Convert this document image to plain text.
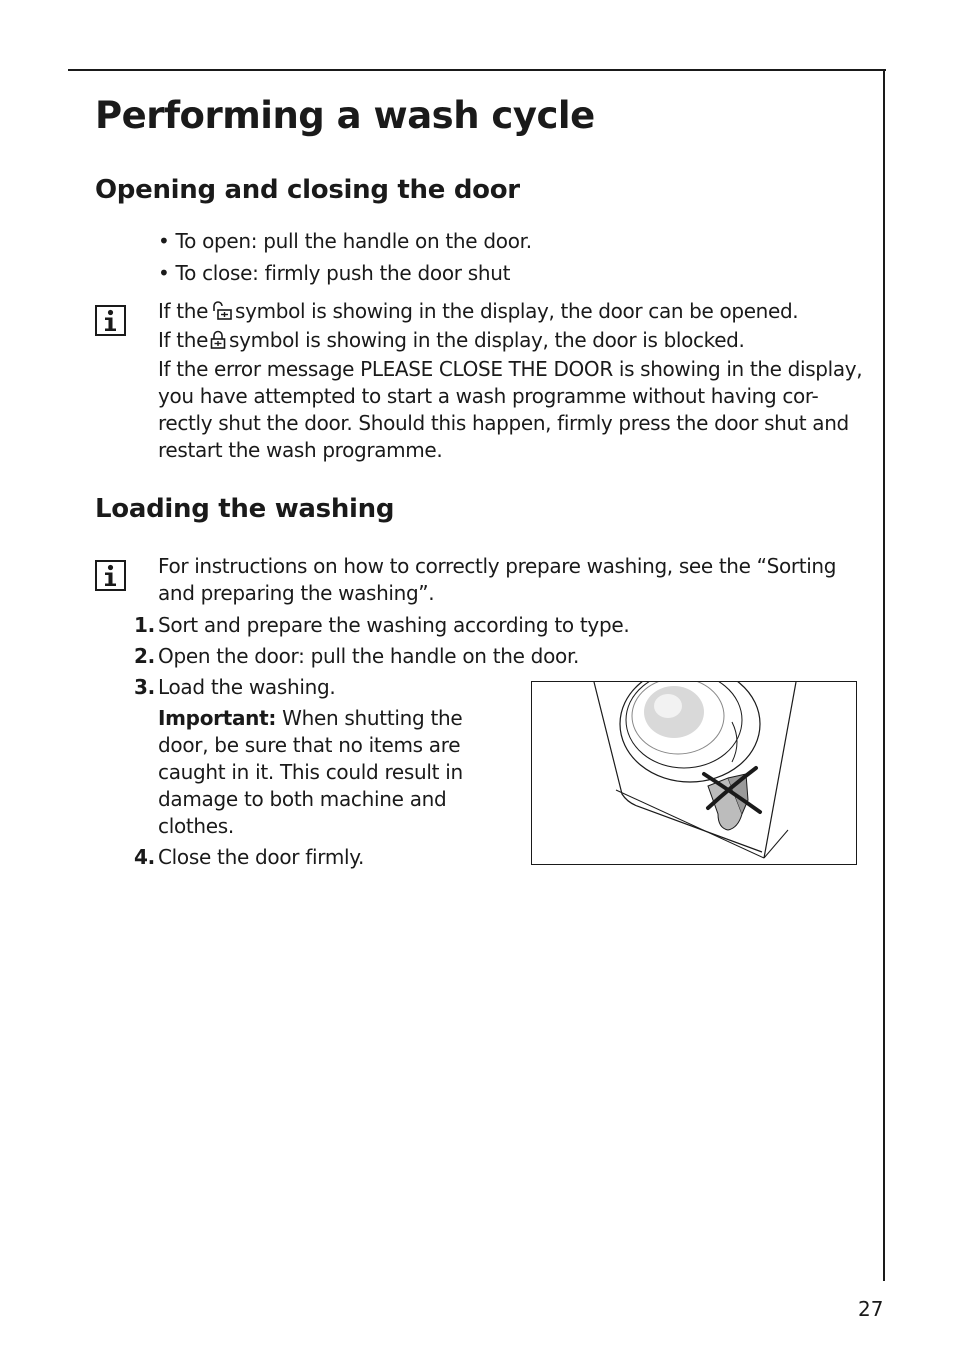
Performing a wash cycle
Opening and closing the door
• To open: pull the handle on the door.
• To close: firmly push the door shut

If the symbol is showing in the display, the door can be opened.

If the symbol is showing in the display, the door is blocked.

If the error message PLEASE CLOSE THE DOOR is showing in the display, you have attempted to start a wash programme without having cor- rectly shut the door. Should this happen, firmly press the door shut and restart the wash programme.

Loading the washing

For instructions on how to correctly prepare washing, see the “Sorting and preparing the washing”.

1. Sort and prepare the washing according to type.
2. Open the door: pull the handle on the door.
3. Load the washing.

Important: When shutting the door, be sure that no items are caught in it. This could result in damage to both machine and clothes.

4. Close the door firmly.
27
